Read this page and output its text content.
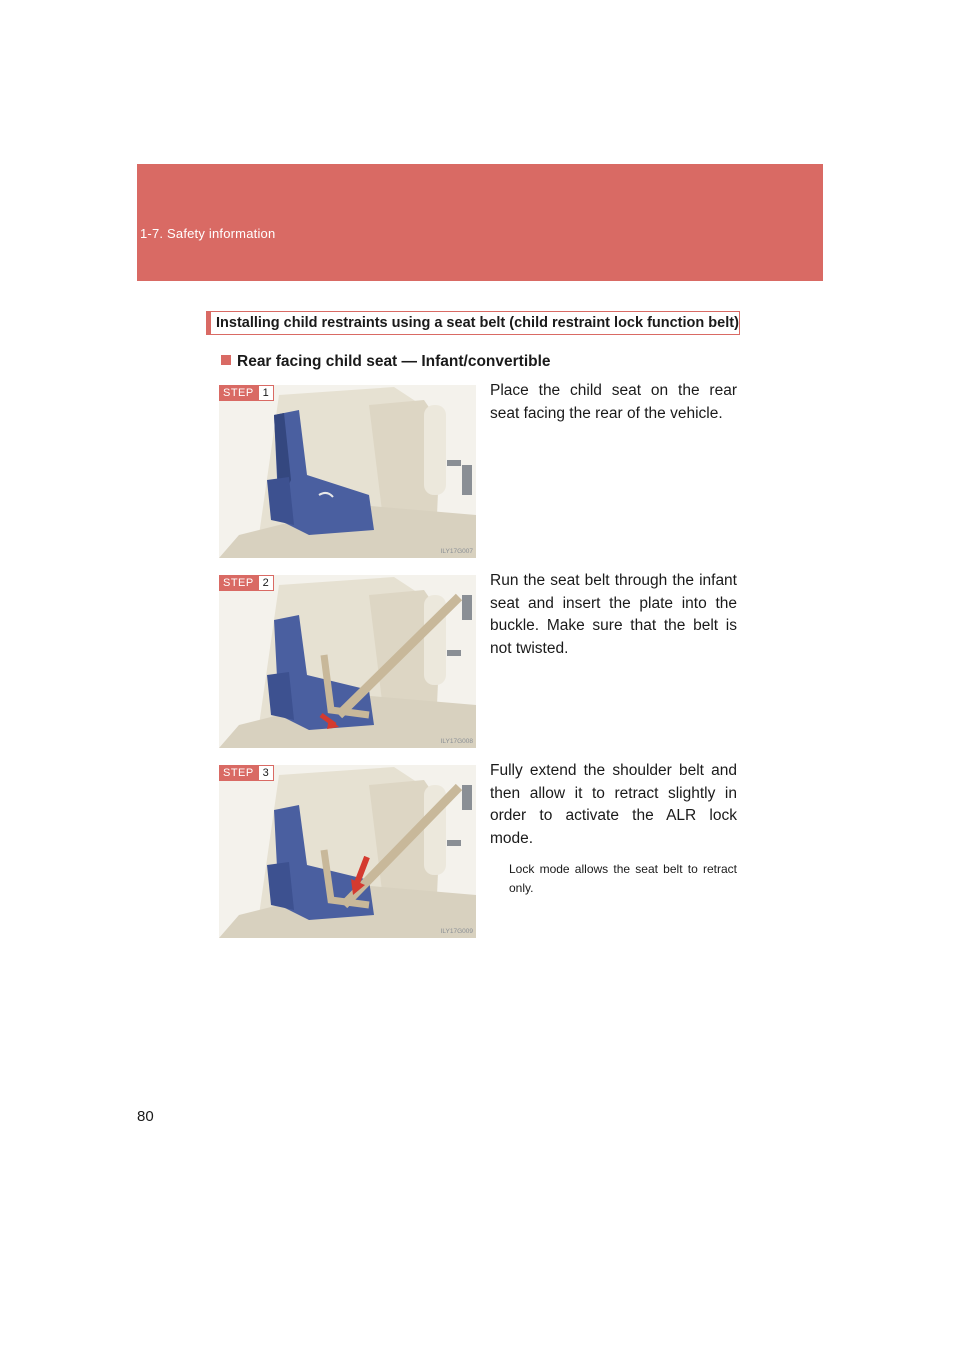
1-7. Safety information
Installing child restraints using a seat belt (child restraint lock function belt)
Rear facing child seat — Infant/convertible
STEP 1
ILY17G007
Place the child seat on the rear seat facing the rear of the vehicle.
STEP 2
ILY17G008
Run the seat belt through the infant seat and insert the plate into the buckle. Make sure that the belt is not twisted.
STEP 3
ILY17G009
Fully extend the shoulder belt and then allow it to retract slightly in order to activate the ALR lock mode.
Lock mode allows the seat belt to retract only.
80
